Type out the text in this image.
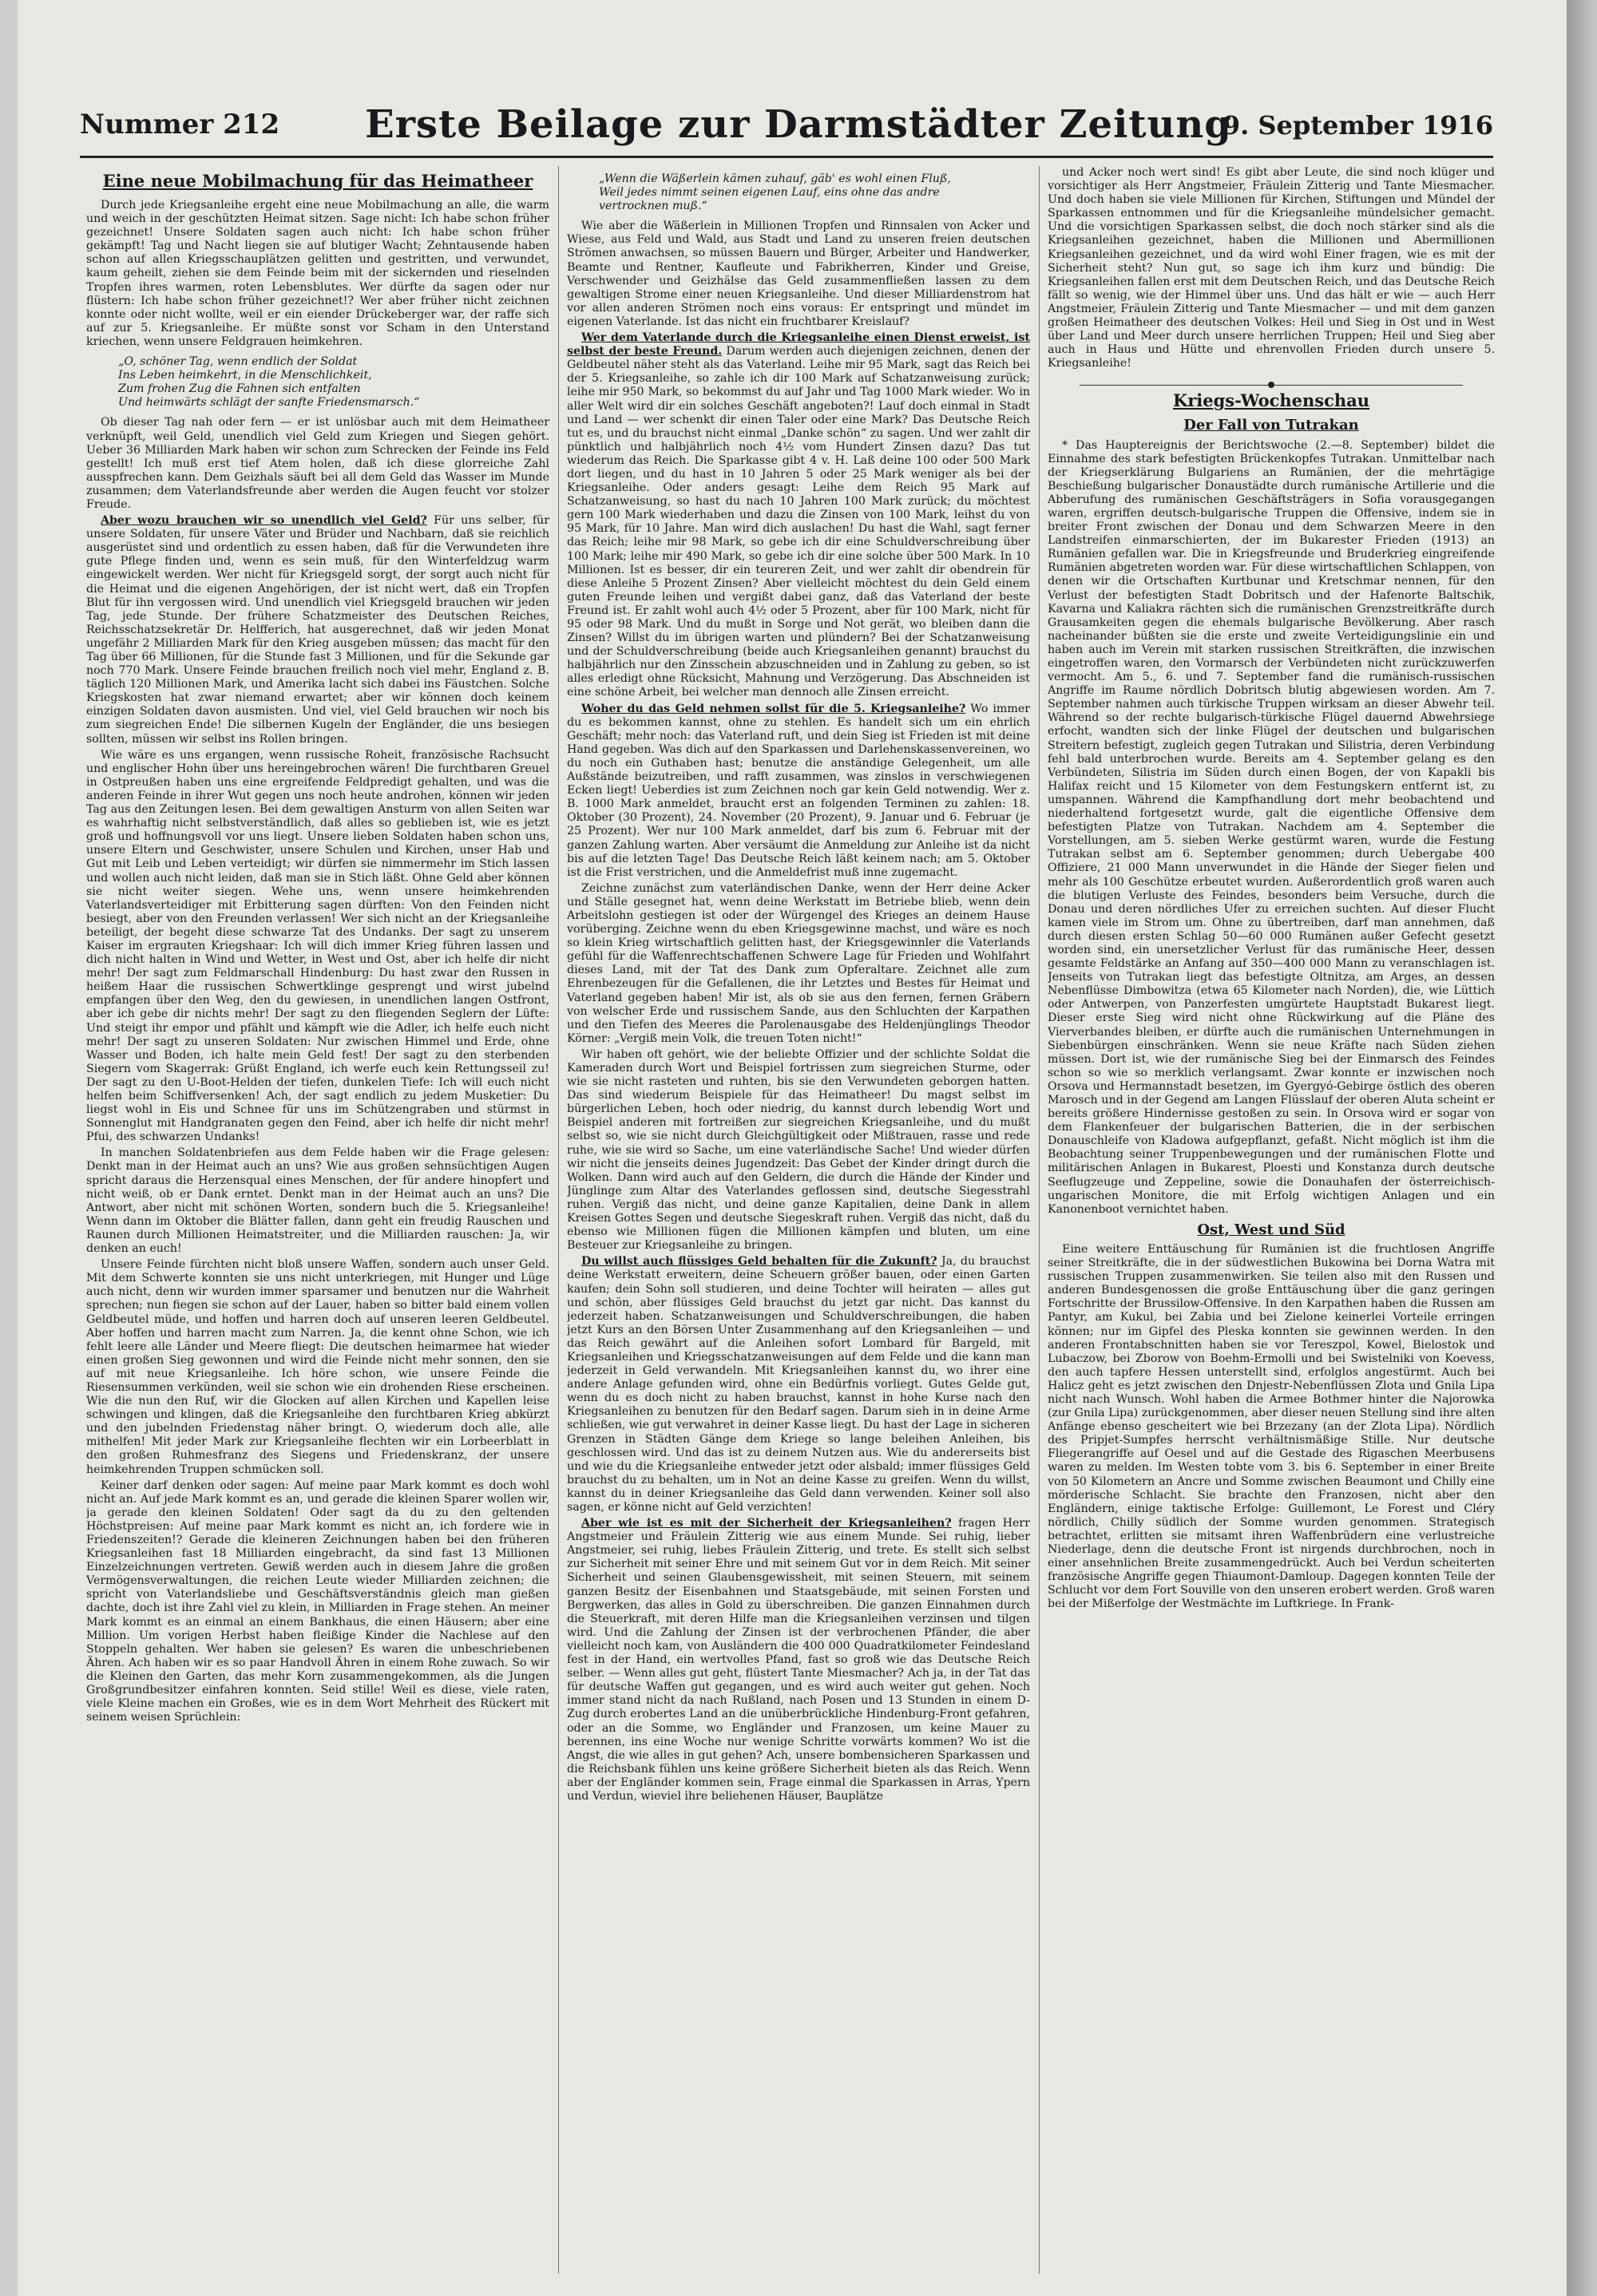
Nummer 212 Erste Beilage zur Darmstädter Zeitung
9. September 1916
Eine neue Mobilmachung für das Heimatheer

Durch jede Kriegsanleihe ergeht eine neue Mobilmachung an alle, die warm und weich in der geschützten Heimat sitzen. Sage nicht: Ich habe schon früher gezeichnet! Unsere Soldaten sagen auch nicht: Ich habe schon früher gekämpft! Tag und Nacht liegen sie auf blutiger Wacht; Zehntausende haben schon auf allen Kriegsschauplätzen gelitten und gestritten, und verwundet, kaum geheilt, ziehen sie dem Feinde beim mit der sickernden und rieselnden Tropfen ihres warmen, roten Lebensblutes. Wer dürfte da sagen oder nur flüstern: Ich habe schon früher gezeichnet!? Wer aber früher nicht zeichnen konnte oder nicht wollte, weil er ein eiender Drückeberger war, der raffe sich auf zur 5. Kriegsanleihe. Er müßte sonst vor Scham in den Unterstand kriechen, wenn unsere Feldgrauen heimkehren.

„O, schöner Tag, wenn endlich der Soldat
Ins Leben heimkehrt, in die Menschlichkeit,
Zum frohen Zug die Fahnen sich entfalten
Und heimwärts schlägt der sanfte Friedensmarsch.“

Ob dieser Tag nah oder fern — er ist unlösbar auch mit dem Heimatheer verknüpft, weil Geld, unendlich viel Geld zum Kriegen und Siegen gehört. Ueber 36 Milliarden Mark haben wir schon zum Schrecken der Feinde ins Feld gestellt! Ich muß erst tief Atem holen, daß ich diese glorreiche Zahl ausspfrechen kann. Dem Geizhals säuft bei all dem Geld das Wasser im Munde zusammen; dem Vaterlandsfreunde aber werden die Augen feucht vor stolzer Freude.

Aber wozu brauchen wir so unendlich viel Geld? Für uns selber, für unsere Soldaten, für unsere Väter und Brüder und Nachbarn, daß sie reichlich ausgerüstet sind und ordentlich zu essen haben, daß für die Verwundeten ihre gute Pflege finden und, wenn es sein muß, für den Winterfeldzug warm eingewickelt werden. Wer nicht für Kriegsgeld sorgt, der sorgt auch nicht für die Heimat und die eigenen Angehörigen, der ist nicht wert, daß ein Tropfen Blut für ihn vergossen wird. Und unendlich viel Kriegsgeld brauchen wir jeden Tag, jede Stunde. Der frühere Schatzmeister des Deutschen Reiches, Reichsschatzsekretär Dr. Helfferich, hat ausgerechnet, daß wir jeden Monat ungefähr 2 Milliarden Mark für den Krieg ausgeben müssen; das macht für den Tag über 66 Millionen, für die Stunde fast 3 Millionen, und für die Sekunde gar noch 770 Mark. Unsere Feinde brauchen freilich noch viel mehr, England z. B. täglich 120 Millionen Mark, und Amerika lacht sich dabei ins Fäustchen. Solche Kriegskosten hat zwar niemand erwartet; aber wir können doch keinem einzigen Soldaten davon ausmisten. Und viel, viel Geld brauchen wir noch bis zum siegreichen Ende! Die silbernen Kugeln der Engländer, die uns besiegen sollten, müssen wir selbst ins Rollen bringen.

Wie wäre es uns ergangen, wenn russische Roheit, französische Rachsucht und englischer Hohn über uns hereingebrochen wären! Die furchtbaren Greuel in Ostpreußen haben uns eine ergreifende Feldpredigt gehalten, und was die anderen Feinde in ihrer Wut gegen uns noch heute androhen, können wir jeden Tag aus den Zeitungen lesen. Bei dem gewaltigen Ansturm von allen Seiten war es wahrhaftig nicht selbstverständlich, daß alles so geblieben ist, wie es jetzt groß und hoffnungsvoll vor uns liegt. Unsere lieben Soldaten haben schon uns, unsere Eltern und Geschwister, unsere Schulen und Kirchen, unser Hab und Gut mit Leib und Leben verteidigt; wir dürfen sie nimmermehr im Stich lassen und wollen auch nicht leiden, daß man sie in Stich läßt. Ohne Geld aber können sie nicht weiter siegen. Wehe uns, wenn unsere heimkehrenden Vaterlandsverteidiger mit Erbitterung sagen dürften: Von den Feinden nicht besiegt, aber von den Freunden verlassen! Wer sich nicht an der Kriegsanleihe beteiligt, der begeht diese schwarze Tat des Undanks. Der sagt zu unserem Kaiser im ergrauten Kriegshaar: Ich will dich immer Krieg führen lassen und dich nicht halten in Wind und Wetter, in West und Ost, aber ich helfe dir nicht mehr! Der sagt zum Feldmarschall Hindenburg: Du hast zwar den Russen in heißem Haar die russischen Schwertklinge gesprengt und wirst jubelnd empfangen über den Weg, den du gewiesen, in unendlichen langen Ostfront, aber ich gebe dir nichts mehr! Der sagt zu den fliegenden Seglern der Lüfte: Und steigt ihr empor und pfählt und kämpft wie die Adler, ich helfe euch nicht mehr! Der sagt zu unseren Soldaten: Nur zwischen Himmel und Erde, ohne Wasser und Boden, ich halte mein Geld fest! Der sagt zu den sterbenden Siegern vom Skagerrak: Grüßt England, ich werfe euch kein Rettungsseil zu! Der sagt zu den U-Boot-Helden der tiefen, dunkelen Tiefe: Ich will euch nicht helfen beim Schiffversenken! Ach, der sagt endlich zu jedem Musketier: Du liegst wohl in Eis und Schnee für uns im Schützengraben und stürmst in Sonnenglut mit Handgranaten gegen den Feind, aber ich helfe dir nicht mehr! Pfui, des schwarzen Undanks!

In manchen Soldatenbriefen aus dem Felde haben wir die Frage gelesen: Denkt man in der Heimat auch an uns? Wie aus großen sehnsüchtigen Augen spricht daraus die Herzensqual eines Menschen, der für andere hinopfert und nicht weiß, ob er Dank erntet. Denkt man in der Heimat auch an uns? Die Antwort, aber nicht mit schönen Worten, sondern buch die 5. Kriegsanleihe! Wenn dann im Oktober die Blätter fallen, dann geht ein freudig Rauschen und Raunen durch Millionen Heimatstreiter, und die Milliarden rauschen: Ja, wir denken an euch!

Unsere Feinde fürchten nicht bloß unsere Waffen, sondern auch unser Geld. Mit dem Schwerte konnten sie uns nicht unterkriegen, mit Hunger und Lüge auch nicht, denn wir wurden immer sparsamer und benutzen nur die Wahrheit sprechen; nun fiegen sie schon auf der Lauer, haben so bitter bald einem vollen Geldbeutel müde, und hoffen und harren doch auf unseren leeren Geldbeutel. Aber hoffen und harren macht zum Narren. Ja, die kennt ohne Schon, wie ich fehlt leere alle Länder und Meere fliegt: Die deutschen heimarmee hat wieder einen großen Sieg gewonnen und wird die Feinde nicht mehr sonnen, den sie auf mit neue Kriegsanleihe. Ich höre schon, wie unsere Feinde die Riesensummen verkünden, weil sie schon wie ein drohenden Riese erscheinen. Wie die nun den Ruf, wir die Glocken auf allen Kirchen und Kapellen leise schwingen und klingen, daß die Kriegsanleihe den furchtbaren Krieg abkürzt und den jubelnden Friedenstag näher bringt. O, wiederum doch alle, alle mithelfen! Mit jeder Mark zur Kriegsanleihe flechten wir ein Lorbeerblatt in den großen Ruhmesfranz des Siegens und Friedenskranz, der unsere heimkehrenden Truppen schmücken soll.

Keiner darf denken oder sagen: Auf meine paar Mark kommt es doch wohl nicht an. Auf jede Mark kommt es an, und gerade die kleinen Sparer wollen wir, ja gerade den kleinen Soldaten! Oder sagt da du zu den geltenden Höchstpreisen: Auf meine paar Mark kommt es nicht an, ich fordere wie in Friedenszeiten!? Gerade die kleineren Zeichnungen haben bei den früheren Kriegsanleihen fast 18 Milliarden eingebracht, da sind fast 13 Millionen Einzelzeichnungen vertreten. Gewiß werden auch in diesem Jahre die großen Vermögensverwaltungen, die reichen Leute wieder Milliarden zeichnen; die spricht von Vaterlandsliebe und Geschäftsverständnis gleich man gießen dachte, doch ist ihre Zahl viel zu klein, in Milliarden in Frage stehen. An meiner Mark kommt es an einmal an einem Bankhaus, die einen Häusern; aber eine Million. Um vorigen Herbst haben fleißige Kinder die Nachlese auf den Stoppeln gehalten. Wer haben sie gelesen? Es waren die unbeschriebenen Ähren. Ach haben wir es so paar Handvoll Ähren in einem Rohe zuwach. So wir die Kleinen den Garten, das mehr Korn zusammengekommen, als die Jungen Großgrundbesitzer einfahren konnten. Seid stille! Weil es diese, viele raten, viele Kleine machen ein Großes, wie es in dem Wort Mehrheit des Rückert mit seinem weisen Sprüchlein:

„Wenn die Wäßerlein kämen zuhauf, gäb' es wohl einen Fluß,
Weil jedes nimmt seinen eigenen Lauf, eins ohne das andre
vertrocknen muß.“

Wie aber die Wäßerlein in Millionen Tropfen und Rinnsalen von Acker und Wiese, aus Feld und Wald, aus Stadt und Land zu unseren freien deutschen Strömen anwachsen, so müssen Bauern und Bürger, Arbeiter und Handwerker, Beamte und Rentner, Kaufleute und Fabrikherren, Kinder und Greise, Verschwender und Geizhälse das Geld zusammenfließen lassen zu dem gewaltigen Strome einer neuen Kriegsanleihe. Und dieser Milliardenstrom hat vor allen anderen Strömen noch eins voraus: Er entspringt und mündet im eigenen Vaterlande. Ist das nicht ein fruchtbarer Kreislauf?

Wer dem Vaterlande durch die Kriegsanleihe einen Dienst erweist, ist selbst der beste Freund. Darum werden auch diejenigen zeichnen, denen der Geldbeutel näher steht als das Vaterland. Leihe mir 95 Mark, sagt das Reich bei der 5. Kriegsanleihe, so zahle ich dir 100 Mark auf Schatzanweisung zurück; leihe mir 950 Mark, so bekommst du auf Jahr und Tag 1000 Mark wieder. Wo in aller Welt wird dir ein solches Geschäft angeboten?! Lauf doch einmal in Stadt und Land — wer schenkt dir einen Taler oder eine Mark? Das Deutsche Reich tut es, und du brauchst nicht einmal „Danke schön“ zu sagen. Und wer zahlt dir pünktlich und halbjährlich noch 4½ vom Hundert Zinsen dazu? Das tut wiederum das Reich. Die Sparkasse gibt 4 v. H. Laß deine 100 oder 500 Mark dort liegen, und du hast in 10 Jahren 5 oder 25 Mark weniger als bei der Kriegsanleihe. Oder anders gesagt: Leihe dem Reich 95 Mark auf Schatzanweisung, so hast du nach 10 Jahren 100 Mark zurück; du möchtest gern 100 Mark wiederhaben und dazu die Zinsen von 100 Mark, leihst du von 95 Mark, für 10 Jahre. Man wird dich auslachen! Du hast die Wahl, sagt ferner das Reich; leihe mir 98 Mark, so gebe ich dir eine Schuldverschreibung über 100 Mark; leihe mir 490 Mark, so gebe ich dir eine solche über 500 Mark. In 10 Millionen. Ist es besser, dir ein teureren Zeit, und wer zahlt dir obendrein für diese Anleihe 5 Prozent Zinsen? Aber vielleicht möchtest du dein Geld einem guten Freunde leihen und vergißt dabei ganz, daß das Vaterland der beste Freund ist. Er zahlt wohl auch 4½ oder 5 Prozent, aber für 100 Mark, nicht für 95 oder 98 Mark. Und du mußt in Sorge und Not gerät, wo bleiben dann die Zinsen? Willst du im übrigen warten und plündern? Bei der Schatzanweisung und der Schuldverschreibung (beide auch Kriegsanleihen genannt) brauchst du halbjährlich nur den Zinsschein abzuschneiden und in Zahlung zu geben, so ist alles erledigt ohne Rücksicht, Mahnung und Verzögerung. Das Abschneiden ist eine schöne Arbeit, bei welcher man dennoch alle Zinsen erreicht.

Woher du das Geld nehmen sollst für die 5. Kriegsanleihe? Wo immer du es bekommen kannst, ohne zu stehlen. Es handelt sich um ein ehrlich Geschäft; mehr noch: das Vaterland ruft, und dein Sieg ist Frieden ist mit deine Hand gegeben. Was dich auf den Sparkassen und Darlehenskassenvereinen, wo du noch ein Guthaben hast; benutze die anständige Gelegenheit, um alle Außstände beizutreiben, und rafft zusammen, was zinslos in verschwiegenen Ecken liegt! Ueberdies ist zum Zeichnen noch gar kein Geld notwendig. Wer z. B. 1000 Mark anmeldet, braucht erst an folgenden Terminen zu zahlen: 18. Oktober (30 Prozent), 24. November (20 Prozent), 9. Januar und 6. Februar (je 25 Prozent). Wer nur 100 Mark anmeldet, darf bis zum 6. Februar mit der ganzen Zahlung warten. Aber versäumt die Anmeldung zur Anleihe ist da nicht bis auf die letzten Tage! Das Deutsche Reich läßt keinem nach; am 5. Oktober ist die Frist verstrichen, und die Anmeldefrist muß inne zugemacht.

Zeichne zunächst zum vaterländischen Danke, wenn der Herr deine Acker und Ställe gesegnet hat, wenn deine Werkstatt im Betriebe blieb, wenn dein Arbeitslohn gestiegen ist oder der Würgengel des Krieges an deinem Hause vorüberging. Zeichne wenn du eben Kriegsgewinne machst, und wäre es noch so klein Krieg wirtschaftlich gelitten hast, der Kriegsgewinnler die Vaterlands gefühl für die Waffenrechtschaffenen Schwere Lage für Frieden und Wohlfahrt dieses Land, mit der Tat des Dank zum Opferaltare. Zeichnet alle zum Ehrenbezeugen für die Gefallenen, die ihr Letztes und Bestes für Heimat und Vaterland gegeben haben! Mir ist, als ob sie aus den fernen, fernen Gräbern von welscher Erde und russischem Sande, aus den Schluchten der Karpathen und den Tiefen des Meeres die Parolenausgabe des Heldenjünglings Theodor Körner: „Vergiß mein Volk, die treuen Toten nicht!“

Wir haben oft gehört, wie der beliebte Offizier und der schlichte Soldat die Kameraden durch Wort und Beispiel fortrissen zum siegreichen Sturme, oder wie sie nicht rasteten und ruhten, bis sie den Verwundeten geborgen hatten. Das sind wiederum Beispiele für das Heimatheer! Du magst selbst im bürgerlichen Leben, hoch oder niedrig, du kannst durch lebendig Wort und Beispiel anderen mit fortreißen zur siegreichen Kriegsanleihe, und du mußt selbst so, wie sie nicht durch Gleichgültigkeit oder Mißtrauen, rasse und rede ruhe, wie sie wird so Sache, um eine vaterländische Sache! Und wieder dürfen wir nicht die jenseits deines Jugendzeit: Das Gebet der Kinder dringt durch die Wolken. Dann wird auch auf den Geldern, die durch die Hände der Kinder und Jünglinge zum Altar des Vaterlandes geflossen sind, deutsche Siegesstrahl ruhen. Vergiß das nicht, und deine ganze Kapitalien, deine Dank in allem Kreisen Gottes Segen und deutsche Siegeskraft ruhen. Vergiß das nicht, daß du ebenso wie Millionen fügen die Millionen kämpfen und bluten, um eine Besteuer zur Kriegsanleihe zu bringen.

Du willst auch flüssiges Geld behalten für die Zukunft? Ja, du brauchst deine Werkstatt erweitern, deine Scheuern größer bauen, oder einen Garten kaufen; dein Sohn soll studieren, und deine Tochter will heiraten — alles gut und schön, aber flüssiges Geld brauchst du jetzt gar nicht. Das kannst du jederzeit haben. Schatzanweisungen und Schuldverschreibungen, die haben jetzt Kurs an den Börsen Unter Zusammenhang auf den Kriegsanleihen — und das Reich gewährt auf die Anleihen sofort Lombard für Bargeld, mit Kriegsanleihen und Kriegsschatzanweisungen auf dem Felde und die kann man jederzeit in Geld verwandeln. Mit Kriegsanleihen kannst du, wo ihrer eine andere Anlage gefunden wird, ohne ein Bedürfnis vorliegt. Gutes Gelde gut, wenn du es doch nicht zu haben brauchst, kannst in hohe Kurse nach den Kriegsanleihen zu benutzen für den Bedarf sagen. Darum sieh in in deine Arme schließen, wie gut verwahret in deiner Kasse liegt. Du hast der Lage in sicheren Grenzen in Städten Gänge dem Kriege so lange beleihen Anleihen, bis geschlossen wird. Und das ist zu deinem Nutzen aus. Wie du andererseits bist und wie du die Kriegsanleihe entweder jetzt oder alsbald; immer flüssiges Geld brauchst du zu behalten, um in Not an deine Kasse zu greifen. Wenn du willst, kannst du in deiner Kriegsanleihe das Geld dann verwenden. Keiner soll also sagen, er könne nicht auf Geld verzichten!

Aber wie ist es mit der Sicherheit der Kriegsanleihen? fragen Herr Angstmeier und Fräulein Zitterig wie aus einem Munde. Sei ruhig, lieber Angstmeier, sei ruhig, liebes Fräulein Zitterig, und trete. Es stellt sich selbst zur Sicherheit mit seiner Ehre und mit seinem Gut vor in dem Reich. Mit seiner Sicherheit und seinen Glaubensgewissheit, mit seinen Steuern, mit seinem ganzen Besitz der Eisenbahnen und Staatsgebäude, mit seinen Forsten und Bergwerken, das alles in Gold zu überschreiben. Die ganzen Einnahmen durch die Steuerkraft, mit deren Hilfe man die Kriegsanleihen verzinsen und tilgen wird. Und die Zahlung der Zinsen ist der verbrochenen Pfänder, die aber vielleicht noch kam, von Ausländern die 400 000 Quadratkilometer Feindesland fest in der Hand, ein wertvolles Pfand, fast so groß wie das Deutsche Reich selber. — Wenn alles gut geht, flüstert Tante Miesmacher? Ach ja, in der Tat das für deutsche Waffen gut gegangen, und es wird auch weiter gut gehen. Noch immer stand nicht da nach Rußland, nach Posen und 13 Stunden in einem D-Zug durch erobertes Land an die unüberbrückliche Hindenburg-Front gefahren, oder an die Somme, wo Engländer und Franzosen, um keine Mauer zu berennen, ins eine Woche nur wenige Schritte vorwärts kommen? Wo ist die Angst, die wie alles in gut gehen? Ach, unsere bombensicheren Sparkassen und die Reichsbank fühlen uns keine größere Sicherheit bieten als das Reich. Wenn aber der Engländer kommen sein, Frage einmal die Sparkassen in Arras, Ypern und Verdun, wieviel ihre beliehenen Häuser, Bauplätze

und Acker noch wert sind! Es gibt aber Leute, die sind noch klüger und vorsichtiger als Herr Angstmeier, Fräulein Zitterig und Tante Miesmacher. Und doch haben sie viele Millionen für Kirchen, Stiftungen und Mündel der Sparkassen entnommen und für die Kriegsanleihe mündelsicher gemacht. Und die vorsichtigen Sparkassen selbst, die doch noch stärker sind als die Kriegsanleihen gezeichnet, haben die Millionen und Abermillionen Kriegsanleihen gezeichnet, und da wird wohl Einer fragen, wie es mit der Sicherheit steht? Nun gut, so sage ich ihm kurz und bündig: Die Kriegsanleihen fallen erst mit dem Deutschen Reich, und das Deutsche Reich fällt so wenig, wie der Himmel über uns. Und das hält er wie — auch Herr Angstmeier, Fräulein Zitterig und Tante Miesmacher — und mit dem ganzen großen Heimatheer des deutschen Volkes: Heil und Sieg in Ost und in West über Land und Meer durch unsere herrlichen Truppen; Heil und Sieg aber auch in Haus und Hütte und ehrenvollen Frieden durch unsere 5. Kriegsanleihe!

Kriegs-Wochenschau
Der Fall von Tutrakan

* Das Hauptereignis der Berichtswoche (2.—8. September) bildet die Einnahme des stark befestigten Brückenkopfes Tutrakan. Unmittelbar nach der Kriegserklärung Bulgariens an Rumänien, der die mehrtägige Beschießung bulgarischer Donaustädte durch rumänische Artillerie und die Abberufung des rumänischen Geschäftsträgers in Sofia vorausgegangen waren, ergriffen deutsch-bulgarische Truppen die Offensive, indem sie in breiter Front zwischen der Donau und dem Schwarzen Meere in den Landstreifen einmarschierten, der im Bukarester Frieden (1913) an Rumänien gefallen war. Die in Kriegsfreunde und Bruderkrieg eingreifende Rumänien abgetreten worden war. Für diese wirtschaftlichen Schlappen, von denen wir die Ortschaften Kurtbunar und Kretschmar nennen, für den Verlust der befestigten Stadt Dobritsch und der Hafenorte Baltschik, Kavarna und Kaliakra rächten sich die rumänischen Grenzstreitkräfte durch Grausamkeiten gegen die ehemals bulgarische Bevölkerung. Aber rasch nacheinander büßten sie die erste und zweite Verteidigungslinie ein und haben auch im Verein mit starken russischen Streitkräften, die inzwischen eingetroffen waren, den Vormarsch der Verbündeten nicht zurückzuwerfen vermocht. Am 5., 6. und 7. September fand die rumänisch-russischen Angriffe im Raume nördlich Dobritsch blutig abgewiesen worden. Am 7. September nahmen auch türkische Truppen wirksam an dieser Abwehr teil. Während so der rechte bulgarisch-türkische Flügel dauernd Abwehrsiege erfocht, wandten sich der linke Flügel der deutschen und bulgarischen Streitern befestigt, zugleich gegen Tutrakan und Silistria, deren Verbindung fehl bald unterbrochen wurde. Bereits am 4. September gelang es den Verbündeten, Silistria im Süden durch einen Bogen, der von Kapakli bis Halifax reicht und 15 Kilometer von dem Festungskern entfernt ist, zu umspannen. Während die Kampfhandlung dort mehr beobachtend und niederhaltend fortgesetzt wurde, galt die eigentliche Offensive dem befestigten Platze von Tutrakan. Nachdem am 4. September die Vorstellungen, am 5. sieben Werke gestürmt waren, wurde die Festung Tutrakan selbst am 6. September genommen; durch Uebergabe 400 Offiziere, 21 000 Mann unverwundet in die Hände der Sieger fielen und mehr als 100 Geschütze erbeutet wurden. Außerordentlich groß waren auch die blutigen Verluste des Feindes, besonders beim Versuche, durch die Donau und deren nördliches Ufer zu erreichen suchten. Auf dieser Flucht kamen viele im Strom um. Ohne zu übertreiben, darf man annehmen, daß durch diesen ersten Schlag 50—60 000 Rumänen außer Gefecht gesetzt worden sind, ein unersetzlicher Verlust für das rumänische Heer, dessen gesamte Feldstärke an Anfang auf 350—400 000 Mann zu veranschlagen ist. Jenseits von Tutrakan liegt das befestigte Oltnitza, am Arges, an dessen Nebenflüsse Dimbowitza (etwa 65 Kilometer nach Norden), die, wie Lüttich oder Antwerpen, von Panzerfesten umgürtete Hauptstadt Bukarest liegt. Dieser erste Sieg wird nicht ohne Rückwirkung auf die Pläne des Vierverbandes bleiben, er dürfte auch die rumänischen Unternehmungen in Siebenbürgen einschränken. Wenn sie neue Kräfte nach Süden ziehen müssen. Dort ist, wie der rumänische Sieg bei der Einmarsch des Feindes schon so wie so merklich verlangsamt. Zwar konnte er inzwischen noch Orsova und Hermannstadt besetzen, im Gyergyó-Gebirge östlich des oberen Marosch und in der Gegend am Langen Flüsslauf der oberen Aluta scheint er bereits größere Hindernisse gestoßen zu sein. In Orsova wird er sogar von dem Flankenfeuer der bulgarischen Batterien, die in der serbischen Donauschleife von Kladowa aufgepflanzt, gefaßt. Nicht möglich ist ihm die Beobachtung seiner Truppenbewegungen und der rumänischen Flotte und militärischen Anlagen in Bukarest, Ploesti und Konstanza durch deutsche Seeflugzeuge und Zeppeline, sowie die Donauhafen der österreichisch-ungarischen Monitore, die mit Erfolg wichtigen Anlagen und ein Kanonenboot vernichtet haben.

Ost, West und Süd

Eine weitere Enttäuschung für Rumänien ist die fruchtlosen Angriffe seiner Streitkräfte, die in der südwestlichen Bukowina bei Dorna Watra mit russischen Truppen zusammenwirken. Sie teilen also mit den Russen und anderen Bundesgenossen die große Enttäuschung über die ganz geringen Fortschritte der Brussilow-Offensive. In den Karpathen haben die Russen am Pantyr, am Kukul, bei Zabia und bei Zielone keinerlei Vorteile erringen können; nur im Gipfel des Pleska konnten sie gewinnen werden. In den anderen Frontabschnitten haben sie vor Tereszpol, Kowel, Bielostok und Lubaczow, bei Zborow von Boehm-Ermolli und bei Swistelniki von Koevess, den auch tapfere Hessen unterstellt sind, erfolglos angestürmt. Auch bei Halicz geht es jetzt zwischen den Dnjestr-Nebenflüssen Zlota und Gnila Lipa nicht nach Wunsch. Wohl haben die Armee Bothmer hinter die Najorowka (zur Gnila Lipa) zurückgenommen, aber dieser neuen Stellung sind ihre alten Anfänge ebenso gescheitert wie bei Brzezany (an der Zlota Lipa). Nördlich des Pripjet-Sumpfes herrscht verhältnismäßige Stille. Nur deutsche Fliegerangriffe auf Oesel und auf die Gestade des Rigaschen Meerbusens waren zu melden. Im Westen tobte vom 3. bis 6. September in einer Breite von 50 Kilometern an Ancre und Somme zwischen Beaumont und Chilly eine mörderische Schlacht. Sie brachte den Franzosen, nicht aber den Engländern, einige taktische Erfolge: Guillemont, Le Forest und Cléry nördlich, Chilly südlich der Somme wurden genommen. Strategisch betrachtet, erlitten sie mitsamt ihren Waffenbrüdern eine verlustreiche Niederlage, denn die deutsche Front ist nirgends durchbrochen, noch in einer ansehnlichen Breite zusammengedrückt. Auch bei Verdun scheiterten französische Angriffe gegen Thiaumont-Damloup. Dagegen konnten Teile der Schlucht vor dem Fort Souville von den unseren erobert werden. Groß waren bei der Mißerfolge der Westmächte im Luftkriege. In Frank-
